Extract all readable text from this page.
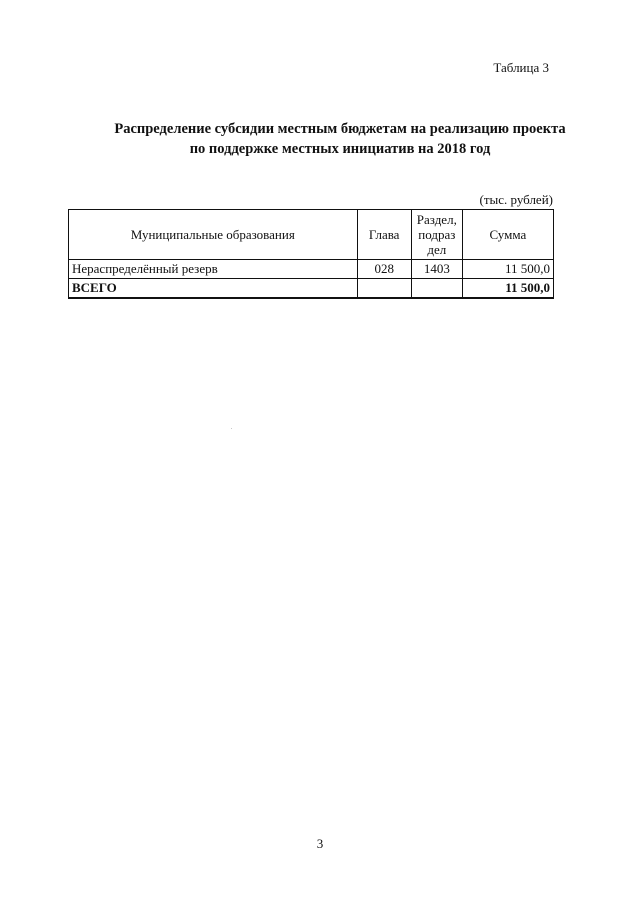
Таблица 3
Распределение субсидии местным бюджетам на реализацию проекта
по поддержке местных инициатив на 2018 год
(тыс. рублей)
Муниципальные образования	Глава	Раздел,
подраз
дел	Сумма
Нераспределённый резерв	028	1403	11 500,0
ВСЕГО			11 500,0
3
